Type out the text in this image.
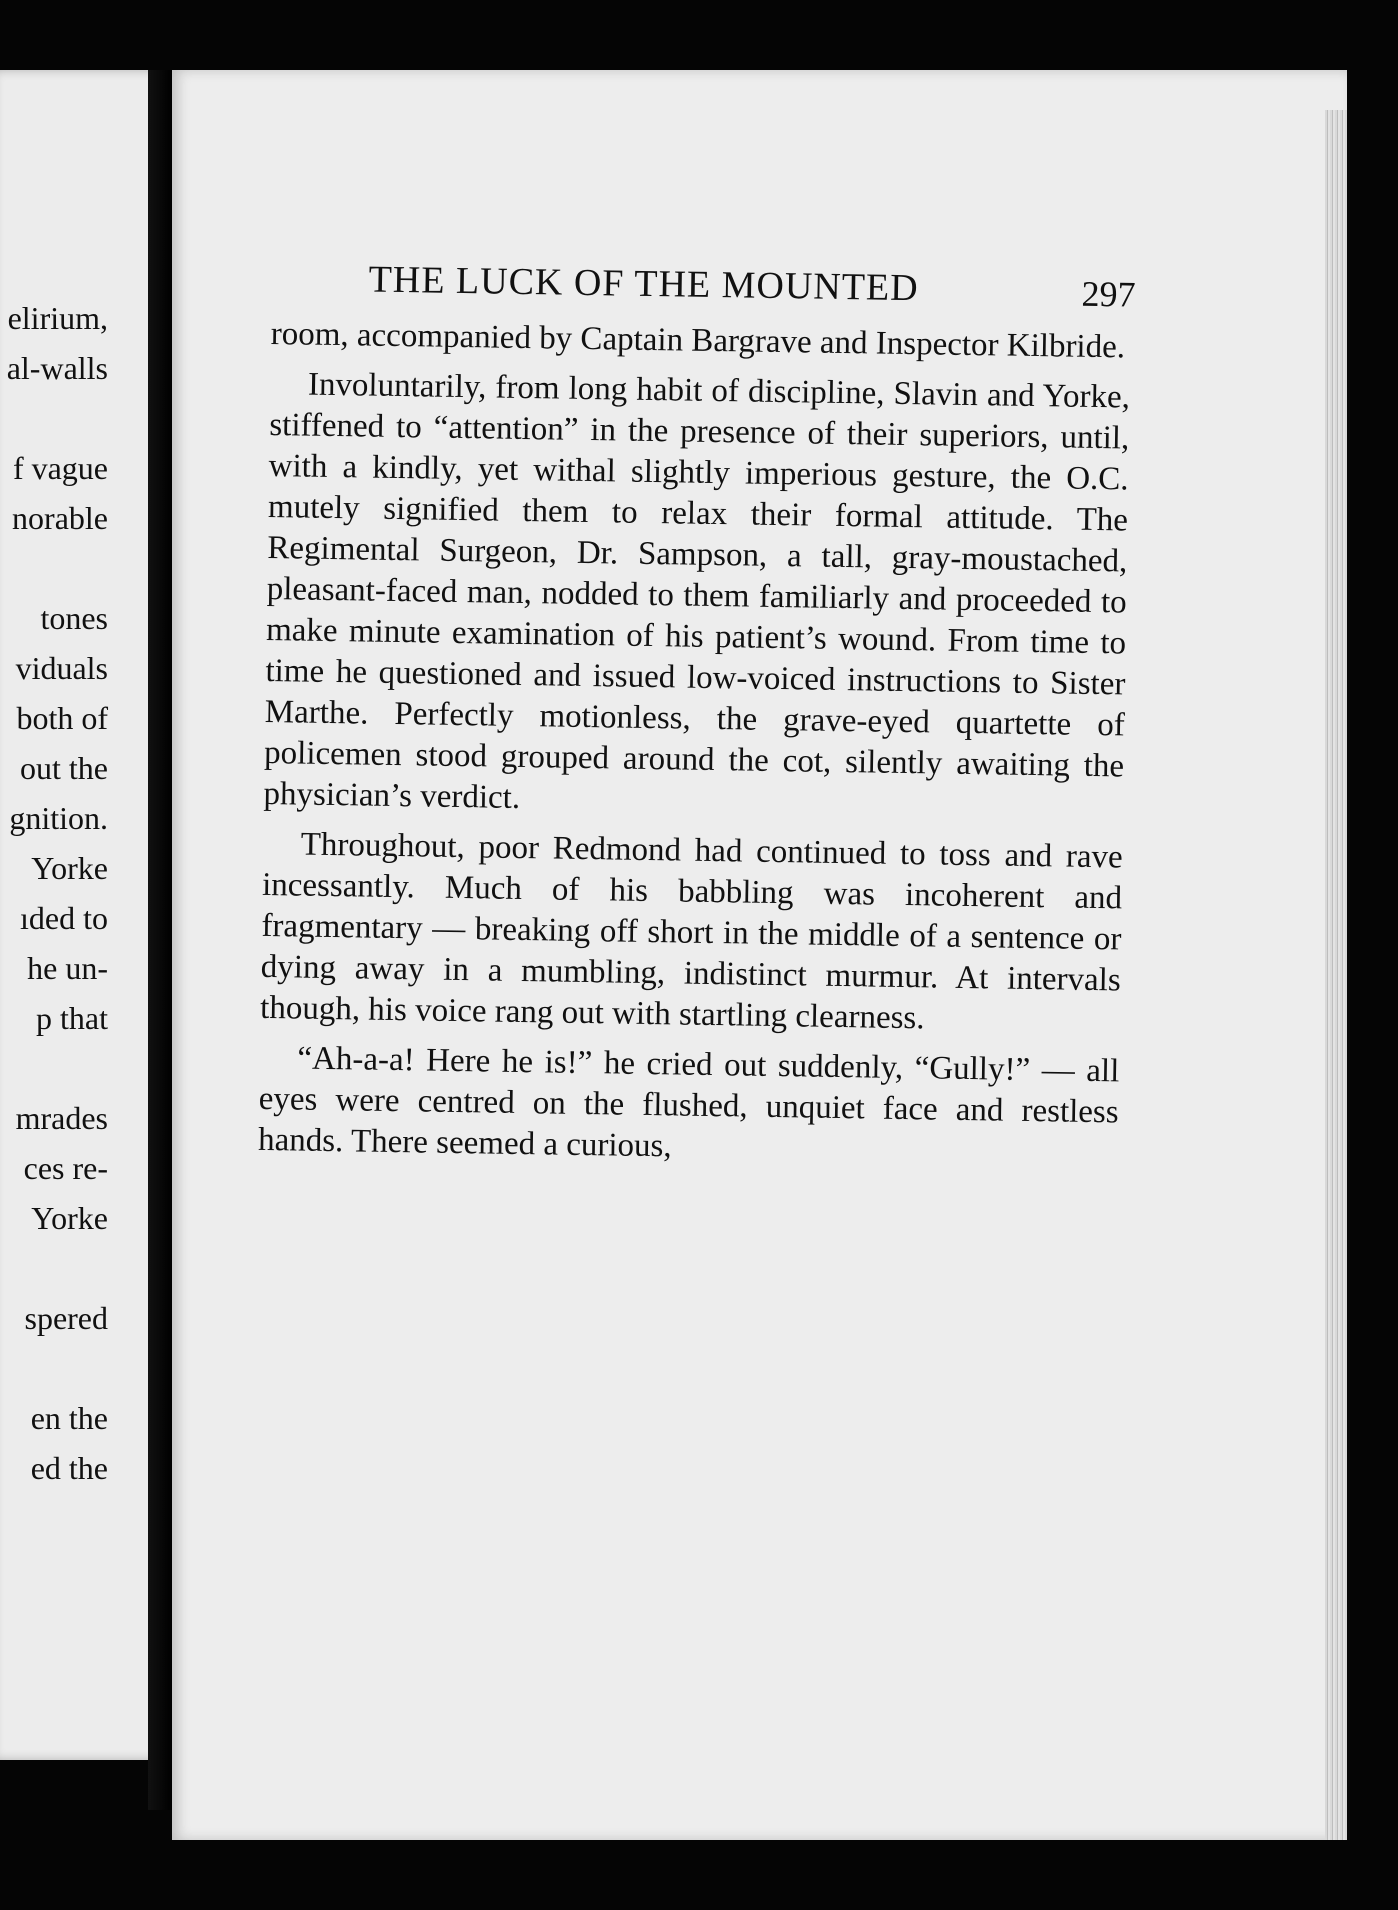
elirium,
al-walls
f vague
norable
tones
viduals
both of
out the
gnition.
Yorke
ıded to
he un-
p that
mrades
ces re-
Yorke
spered
en the
ed the
THE LUCK OF THE MOUNTED	297

room, accompanied by Captain Bargrave and Inspector Kilbride.

Involuntarily, from long habit of discipline, Slavin and Yorke, stiffened to “attention” in the presence of their superiors, until, with a kindly, yet withal slightly imperious gesture, the O.C. mutely signified them to relax their formal attitude. The Regimental Surgeon, Dr. Sampson, a tall, gray-moustached, pleasant-faced man, nodded to them familiarly and proceeded to make minute examination of his patient’s wound. From time to time he questioned and issued low-voiced instructions to Sister Marthe. Perfectly motionless, the grave-eyed quartette of policemen stood grouped around the cot, silently awaiting the physician’s verdict.

Throughout, poor Redmond had continued to toss and rave incessantly. Much of his babbling was incoherent and fragmentary — breaking off short in the middle of a sentence or dying away in a mumbling, indistinct murmur. At intervals though, his voice rang out with startling clearness.

“Ah-a-a! Here he is!” he cried out suddenly, “Gully!” — all eyes were centred on the flushed, unquiet face and restless hands. There seemed a curious,
